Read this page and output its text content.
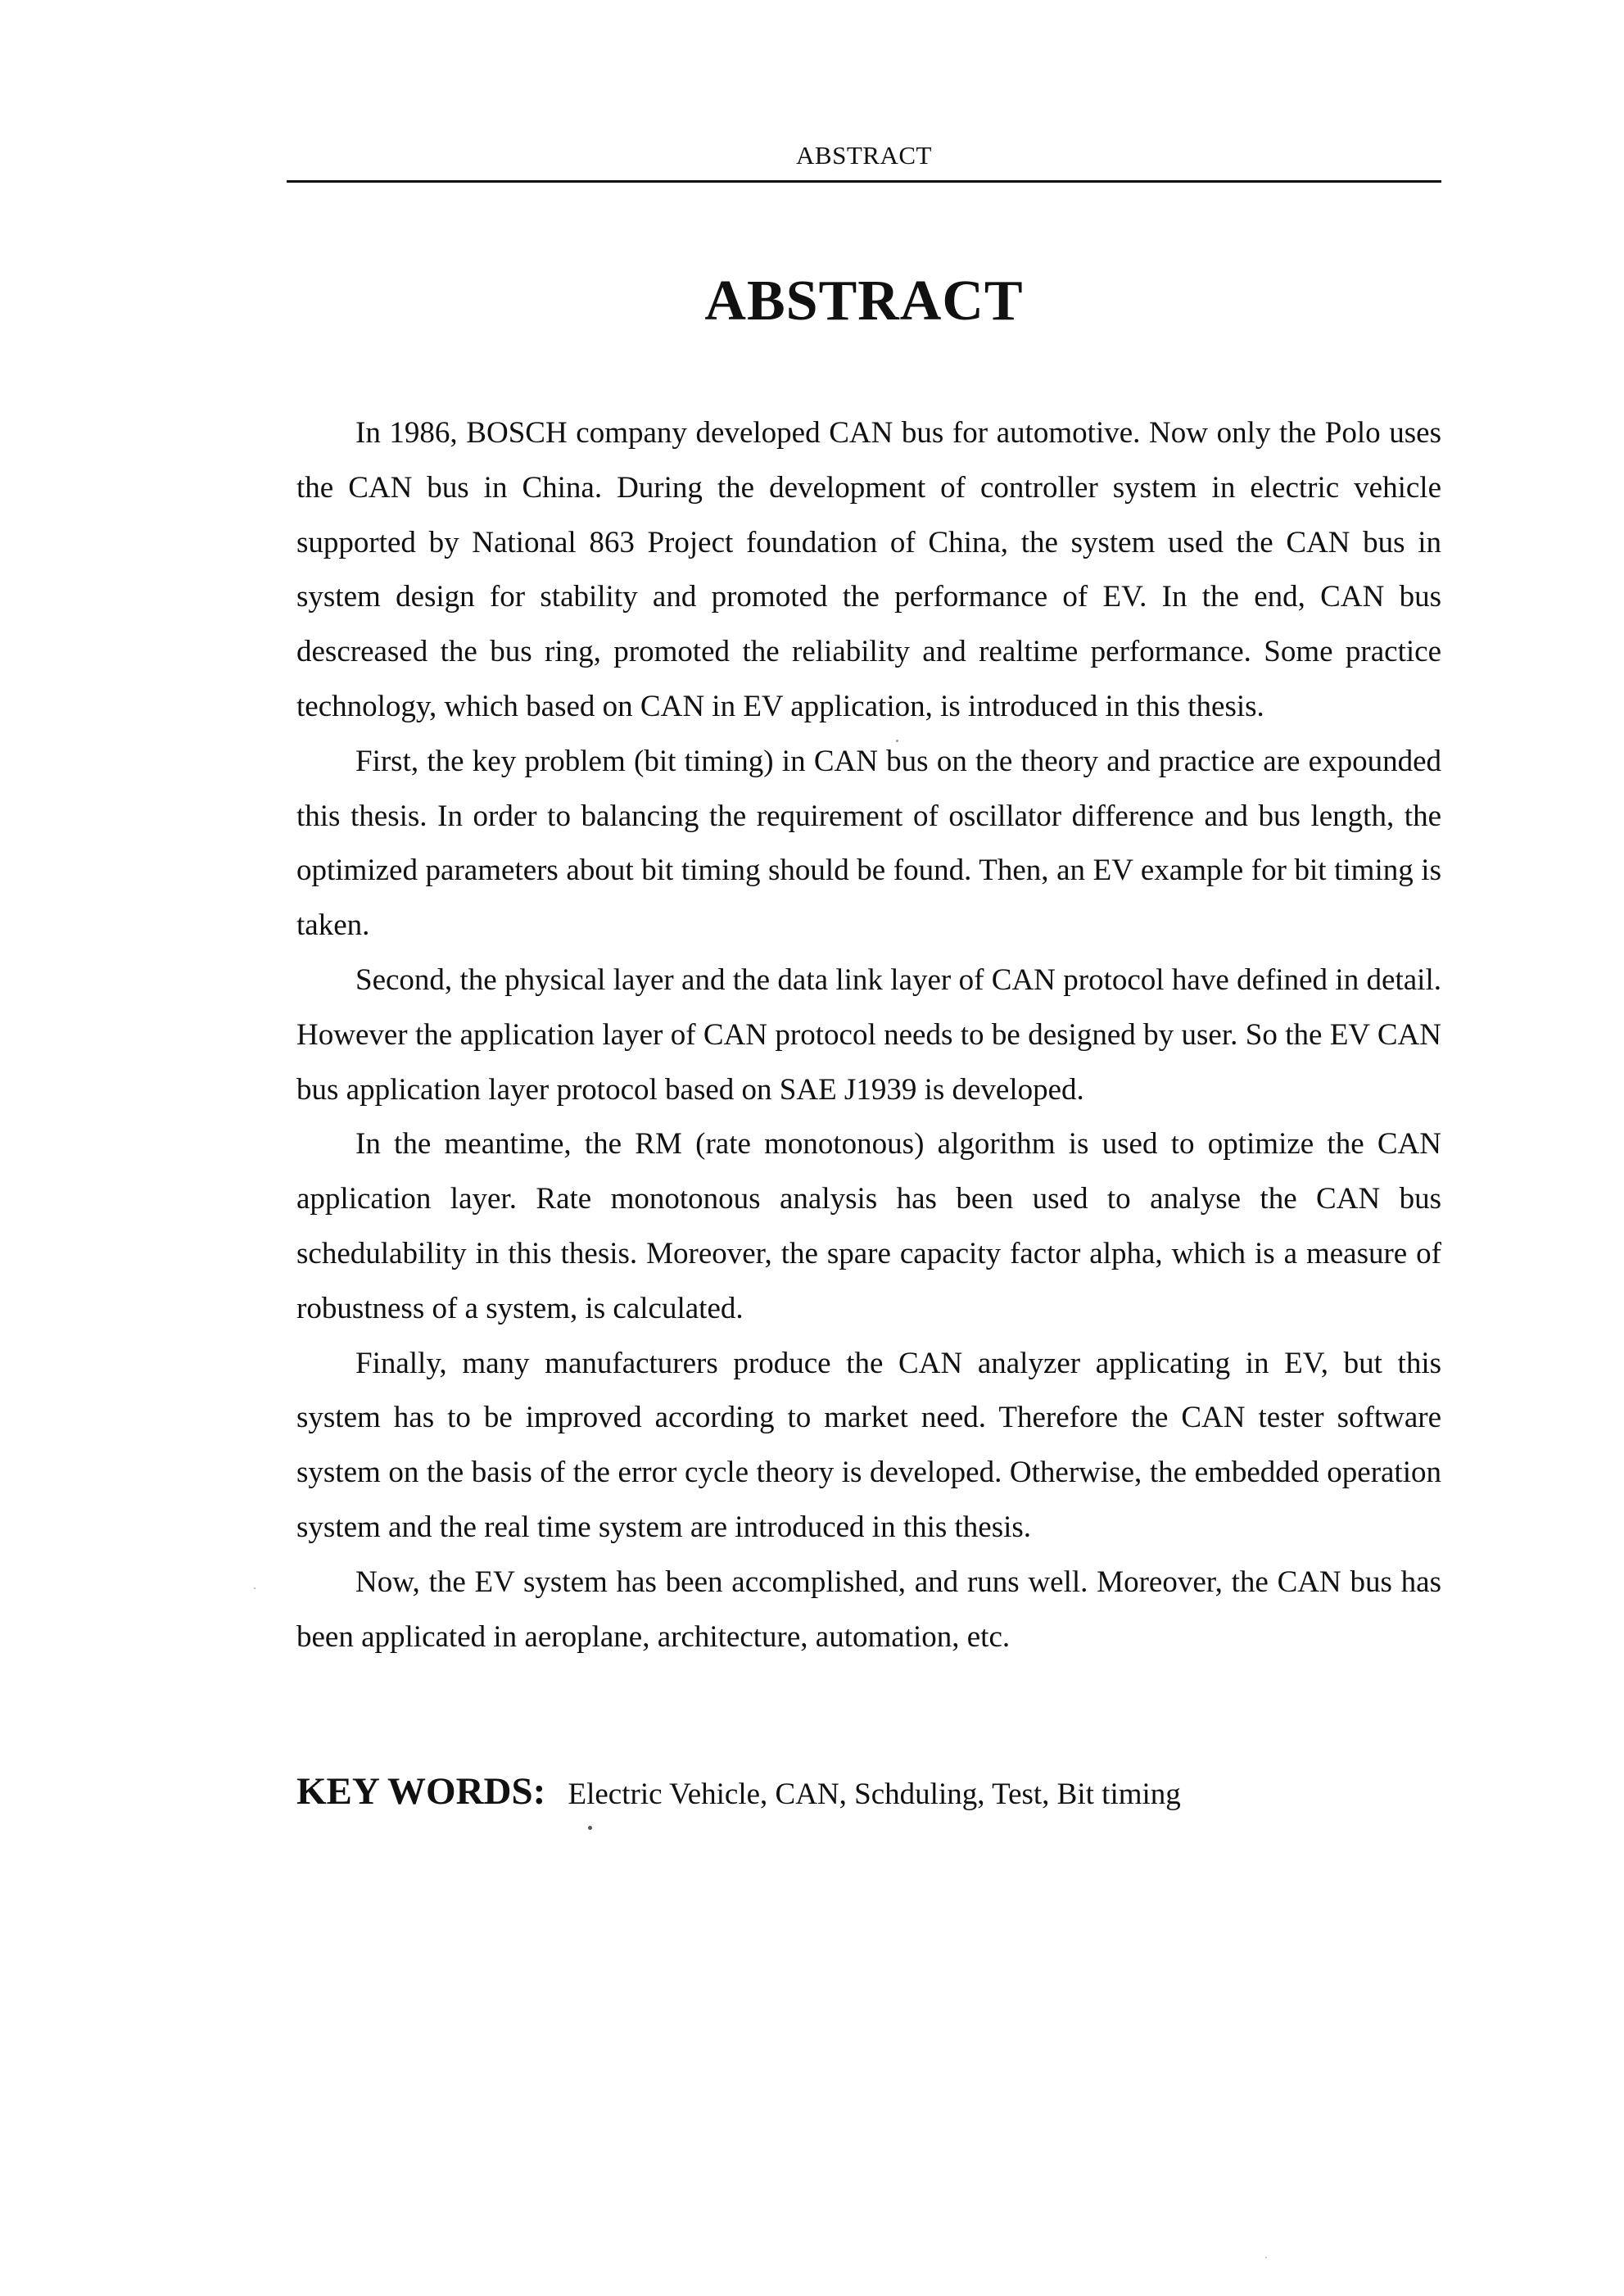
ABSTRACT
ABSTRACT

In 1986, BOSCH company developed CAN bus for automotive. Now only the Polo uses the CAN bus in China. During the development of controller system in electric vehicle supported by National 863 Project foundation of China, the system used the CAN bus in system design for stability and promoted the performance of EV. In the end, CAN bus descreased the bus ring, promoted the reliability and realtime performance. Some practice technology, which based on CAN in EV application, is introduced in this thesis.

First, the key problem (bit timing) in CAN bus on the theory and practice are expounded this thesis. In order to balancing the requirement of oscillator difference and bus length, the optimized parameters about bit timing should be found. Then, an EV example for bit timing is taken.

Second, the physical layer and the data link layer of CAN protocol have defined in detail. However the application layer of CAN protocol needs to be designed by user. So the EV CAN bus application layer protocol based on SAE J1939 is developed.

In the meantime, the RM (rate monotonous) algorithm is used to optimize the CAN application layer. Rate monotonous analysis has been used to analyse the CAN bus schedulability in this thesis. Moreover, the spare capacity factor alpha, which is a measure of robustness of a system, is calculated.

Finally, many manufacturers produce the CAN analyzer applicating in EV, but this system has to be improved according to market need. Therefore the CAN tester software system on the basis of the error cycle theory is developed. Otherwise, the embedded operation system and the real time system are introduced in this thesis.

Now, the EV system has been accomplished, and runs well. Moreover, the CAN bus has been applicated in aeroplane, architecture, automation, etc.

KEY WORDS: Electric Vehicle, CAN, Schduling, Test, Bit timing
